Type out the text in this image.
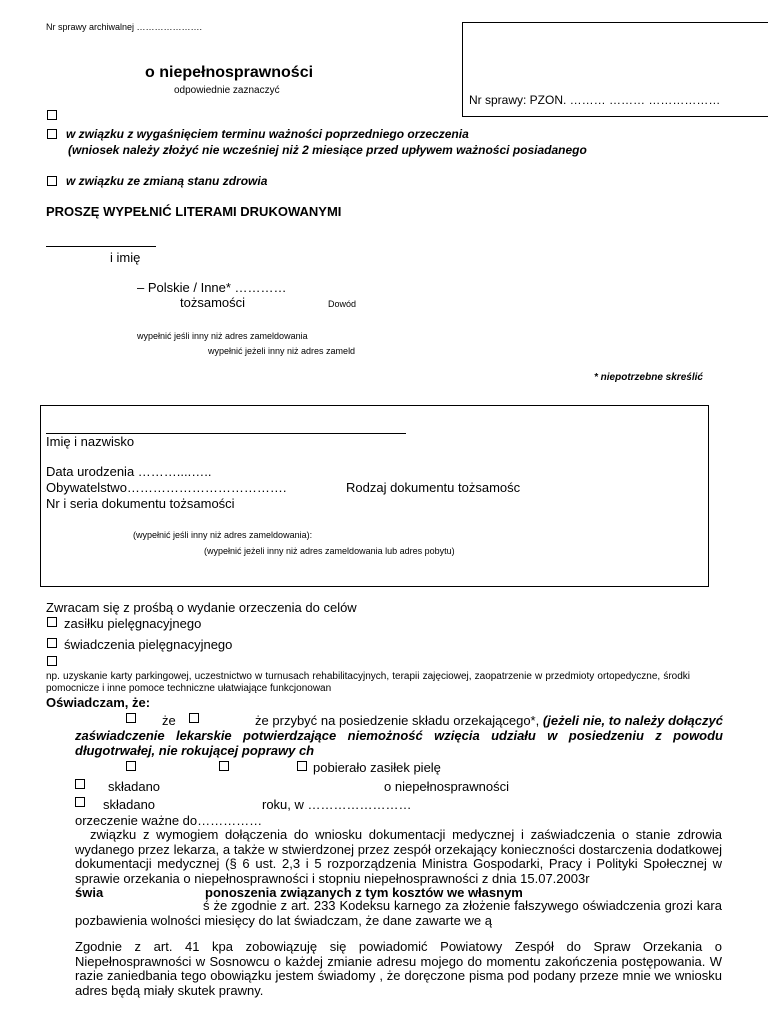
Nr sprawy archiwalnej ………………….
Nr sprawy: PZON. ……… ……… ………………
o niepełnosprawności
odpowiednie zaznaczyć
w związku z wygaśnięciem terminu ważności poprzedniego orzeczenia
(wniosek należy złożyć nie wcześniej niż 2 miesiące przed upływem ważności posiadanego
w związku ze zmianą stanu zdrowia
PROSZĘ WYPEŁNIĆ LITERAMI DRUKOWANYMI
i imię
– Polskie / Inne* …………
tożsamości	Dowód
wypełnić jeśli inny niż adres zameldowania
wypełnić jeżeli inny niż adres zameld
* niepotrzebne skreślić
Imię i nazwisko
Data urodzenia ………....…..
Obywatelstwo……………………………….	Rodzaj dokumentu tożsamośc
Nr i seria dokumentu tożsamości
(wypełnić jeśli inny niż adres zameldowania):
(wypełnić jeżeli inny niż adres zameldowania lub adres pobytu)
Zwracam się z prośbą o wydanie orzeczenia do celów
zasiłku pielęgnacyjnego
świadczenia pielęgnacyjnego
np. uzyskanie karty parkingowej, uczestnictwo w turnusach rehabilitacyjnych, terapii zajęciowej, zaopatrzenie w przedmioty ortopedyczne, środki pomocnicze i inne pomoce techniczne ułatwiające funkcjonowan
Oświadczam, że:
że	że przybyć na posiedzenie składu orzekającego*, (jeżeli nie, to należy dołączyć zaświadczenie lekarskie potwierdzające niemożność wzięcia udziału w posiedzeniu z powodu długotrwałej, nie rokującej poprawy ch
pobierało zasiłek pielę
składano	o niepełnosprawności
składano	roku, w ……………………
orzeczenie ważne do……………
związku z wymogiem dołączenia do wniosku dokumentacji medycznej i zaświadczenia o stanie zdrowia wydanego przez lekarza, a także w stwierdzonej przez zespół orzekający konieczności dostarczenia dodatkowej dokumentacji medycznej (§ 6 ust. 2,3 i 5 rozporządzenia Ministra Gospodarki, Pracy i Polityki Społecznej w sprawie orzekania o niepełnosprawności i stopniu niepełnosprawności z dnia 15.07.2003r
świa	ponoszenia związanych z tym kosztów we własnym
ś że zgodnie z art. 233 Kodeksu karnego za złożenie fałszywego oświadczenia grozi kara pozbawienia wolności miesięcy do lat świadczam, że dane zawarte we ą
Zgodnie z art. 41 kpa zobowiązuję się powiadomić Powiatowy Zespół do Spraw Orzekania o Niepełnosprawności w Sosnowcu o każdej zmianie adresu mojego do momentu zakończenia postępowania. W razie zaniedbania tego obowiązku jestem świadomy , że doręczone pisma pod podany przeze mnie we wniosku adres będą miały skutek prawny.
